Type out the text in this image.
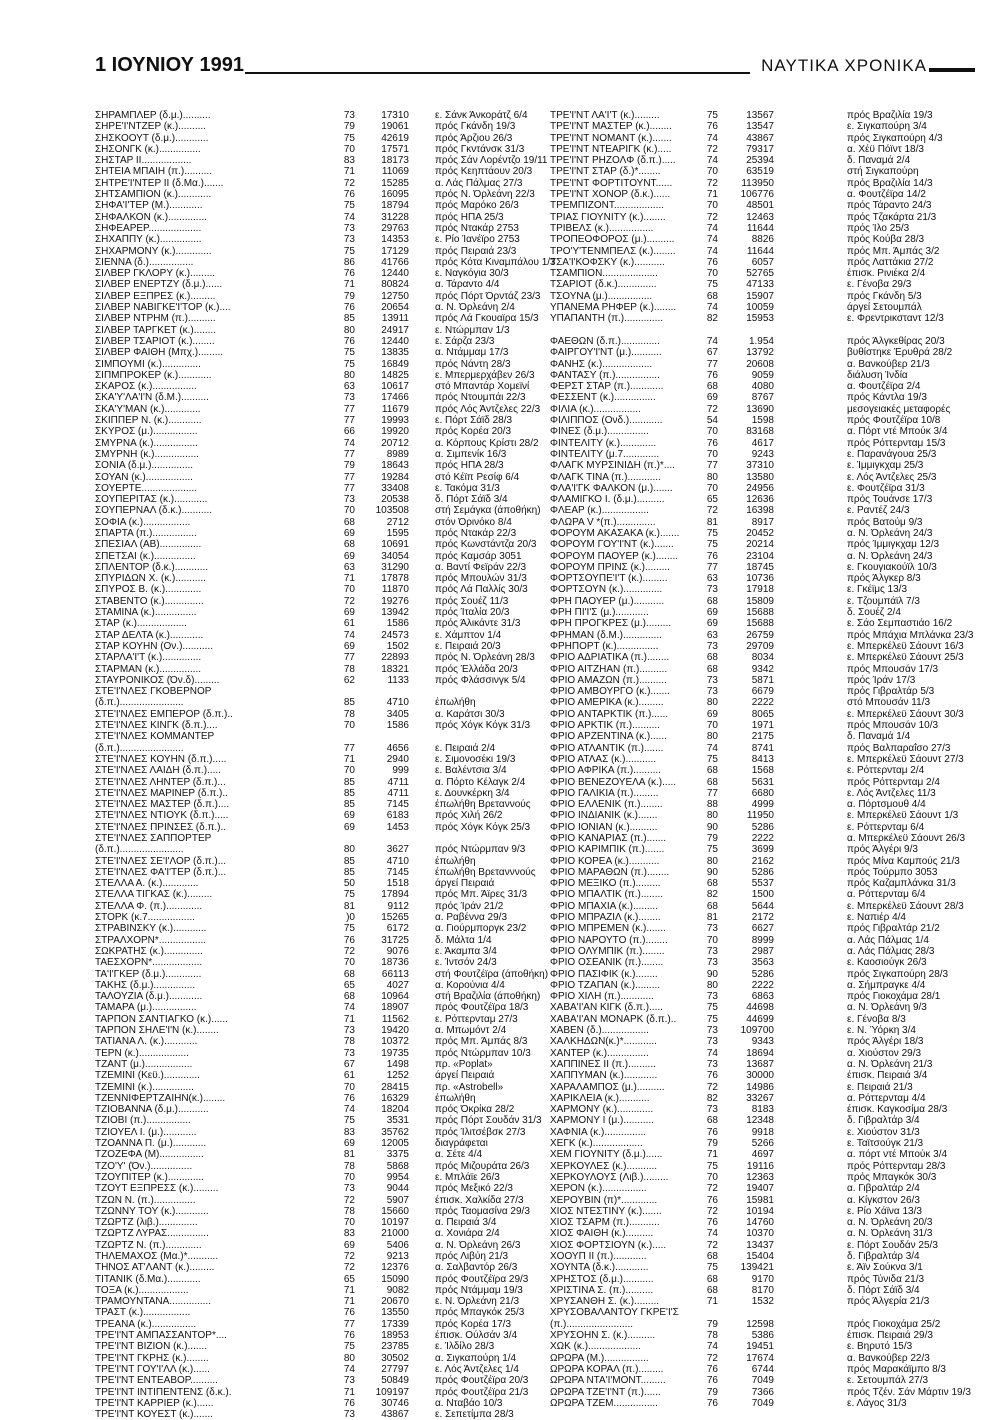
1 ΙΟΥΝΙΟΥ 1991	ΝΑΥΤΙΚΑ ΧΡΟΝΙΚΑ
ΣΗΡΑΜΠΛΕΡ (δ.μ.)..........	73	17310	ε. Σάνκ Άνκοράτζ 6/4
ΣΗΡΕ'Ι'ΝΤΖΕΡ (κ.)..........	79	19061	πρός Γκάνδη 19/3
ΣΗΣΚΟΟΥΤ (δ.μ.)............	75	42619	πρός Άρζιου 26/3
ΣΗΣΟΝΓΚ (κ.)...............	70	17571	πρός Γκντάνσκ 31/3
ΣΗΣΤΑΡ ΙΙ..................	83	18173	πρός Σάν Λορέντζο 19/11
ΣΗΤΕΙΑ ΜΠΑΙΗ (π.)..........	71	11069	πρός Κεηπτάουν 20/3
ΣΗΤΡΕ'Ι'ΝΤΕΡ ΙΙ (δ.Μα.).......	72	15285	α. Λάς Πάλμας 27/3
ΣΗΤΣΑΜΠΙΟΝ (κ.)............	76	16095	πρός Ν. Όρλεάνη 22/3
ΣΗΦΑ'Ι'ΤΕΡ (Μ.)............	75	18794	πρός Μαρόκο 26/3
ΣΗΦΑΛΚΟΝ (κ.)..............	74	31228	πρός ΗΠΑ 25/3
ΣΗΦΕΑΡΕΡ...................	73	29763	πρός Ντακάρ 2753
ΣΗΧΑΠΠΥ (κ.)...............	73	14353	ε. Ρίο Ίανέϊρο 2753
ΣΗΧΑΡΜΟΝΥ (κ.).............	75	17129	πρός Πειραιά 23/3
ΣΙΕΝΝΑ (δ.)................	86	41766	πρός Κότα Κιναμπάλου 1/3
ΣΙΛΒΕΡ ΓΚΛΟΡΥ (κ.).........	76	12440	ε. Ναγκόγια 30/3
ΣΙΛΒΕΡ ΕΝΕΡΤΖΥ (δ.μ.)......	71	80824	α. Τάραντο 4/4
ΣΙΛΒΕΡ ΕΞΠΡΕΣ (κ.).........	79	12750	πρός Πόρτ Όρντάζ 23/3
ΣΙΛΒΕΡ ΝΑΒΙΓΚΕ'Ι'ΤΟΡ (κ.)....	76	20654	α. Ν. Όρλεάνη 2/4
ΣΙΛΒΕΡ ΝΤΡΗΜ (π.)..........	85	13911	πρός Λά Γκουαϊρα 15/3
ΣΙΛΒΕΡ ΤΑΡΓΚΕΤ (κ.)........	80	24917	ε. Ντώρμπαν 1/3
ΣΙΛΒΕΡ ΤΣΑΡΙΟΤ (κ.)........	76	12440	ε. Σάρζα 23/3
ΣΙΛΒΕΡ ΦΑΙΘΗ (Μπχ.).........	75	13835	α. Ντάμμαμ 17/3
ΣΙΜΠΟΥΜΙ (κ.)..............	75	16849	πρός Νάντη 28/3
ΣΙΠΜΠΡΟΚΕΡ (κ.)............	80	14825	ε. Μπερμερχάβεν 26/3
ΣΚΑΡΟΣ (κ.)................	63	10617	στό Μπαντάρ Χομεϊνί
ΣΚΑ'Υ'ΛΑ'Ι'Ν (δ.Μ.)..........	73	17466	πρός Ντουμπάι 22/3
ΣΚΑ'Υ'ΜΑΝ (κ.).............	77	11679	πρός Λός Άντζελες 22/3
ΣΚΙΠΠΕΡ Ν. (κ.)............	77	19993	ε. Πόρτ Σάϊδ 28/3
ΣΚΥΡΟΣ (μ.)................	66	19920	πρός Κορέα 20/3
ΣΜΥΡΝΑ (κ.)................	74	20712	α. Κόρπους Κρίστι 28/2
ΣΜΥΡΝΗ (κ.)................	77	8989	α. Σιμπενίκ 16/3
ΣΟΝΙΑ (δ.μ.)...............	79	18643	πρός ΗΠΑ 28/3
ΣΟΥΑΝ (κ.).................	77	19284	στό Κέϊπ Ρεσίφ 6/4
ΣΟΥΕΡΤΕ....................	77	33408	ε. Τακόμα 31/3
ΣΟΥΠΕΡΙΤΑΣ (κ.)............	73	20538	δ. Πόρτ Σάϊδ 3/4
ΣΟΥΠΕΡΝΑΛ (δ.κ.)...........	70	103508	στή Σεμάγκα (άποθήκη)
ΣΟΦΙΑ (κ.).................	68	2712	στόν Όρινόκο 8/4
ΣΠΑΡΤΑ (π.)................	69	1595	πρός Ντακάρ 22/3
ΣΠΕΣΙΑΛ (ΑΒ)...............	68	10691	πρός Κωνστάντζα 20/3
ΣΠΕΤΣΑΙ (κ.)...............	69	34054	πρός Καμσάρ 3051
ΣΠΛΕΝΤΟΡ (δ.κ.)............	63	31290	α. Βαντί Φεϊράν 22/3
ΣΠΥΡΙΔΩΝ Χ. (κ.)...........	71	17878	πρός Μπουλών 31/3
ΣΠΥΡΟΣ Β. (κ.).............	70	11870	πρός Λά Παλλίς 30/3
ΣΤΑΒΕΝΤΟ (κ.)..............	72	19276	πρός Σουέζ 11/3
ΣΤΑΜΙΝΑ (κ.)...............	69	13942	πρός Ίταλία 20/3
ΣΤΑΡ (κ.)..................	61	1586	πρός Άλικάντε 31/3
ΣΤΑΡ ΔΕΛΤΑ (κ.)............	74	24573	ε. Χάμπτον 1/4
ΣΤΑΡ ΚΟΥΗΝ (Ον.)...........	69	1502	ε. Πειραιά 20/3
ΣΤΑΡΛΑ'Ι'Τ (κ.)..............	77	22893	πρός Ν. Όρλεάνη 28/3
ΣΤΑΡΜΑΝ (κ.)...............	78	18321	πρός Έλλάδα 20/3
ΣΤΑΥΡΟΝΙΚΟΣ (Όν.δ).........	62	1133	πρός Φλάσσινγκ 5/4
ΣΤΕ'Ι'ΝΛΕΣ ΓΚΟΒΕΡΝΟΡ
(δ.π.).......................	85	4710	έπωλήθη
ΣΤΕ'Ι'ΝΛΕΣ ΕΜΠΕΡΟΡ (δ.π.)..	78	3405	α. Καράτσι 30/3
ΣΤΕ'Ι'ΝΛΕΣ ΚΙΝΓΚ (δ.π.)....	70	1586	πρός Χόγκ Κόγκ 31/3
ΣΤΕ'Ι'ΝΛΕΣ ΚΟΜΜΑΝΤΕΡ
(δ.π.).......................	77	4656	ε. Πειραιά 2/4
ΣΤΕ'Ι'ΝΛΕΣ ΚΟΥΗΝ (δ.π.).....	71	2940	ε. Σιμονοσέκι 19/3
ΣΤΕ'Ι'ΝΛΕΣ ΛΑΙΔΗ (δ.π.).....	70	999	ε. Βαλέντσια 3/4
ΣΤΕ'Ι'ΝΛΕΣ ΛΗΝΤΕΡ (δ.π.)...	85	4711	α. Πόρτο Κέλαγκ 2/4
ΣΤΕ'Ι'ΝΛΕΣ ΜΑΡΙΝΕΡ (δ.π.)..	85	4711	ε. Δουνκέρκη 3/4
ΣΤΕ'Ι'ΝΛΕΣ ΜΑΣΤΕΡ (δ.π.)....	85	7145	έπωλήθη Βρεταννούς
ΣΤΕ'Ι'ΝΛΕΣ ΝΤΙΟΥΚ (δ.π.).....	69	6183	πρός Χιλή 26/2
ΣΤΕ'Ι'ΝΛΕΣ ΠΡΙΝΣΕΣ (δ.π.)..	69	1453	πρός Χόγκ Κόγκ 25/3
ΣΤΕ'Ι'ΝΛΕΣ ΣΑΠΠΟΡΤΕΡ
(δ.π.).......................	80	3627	πρός Ντώρμπαν 9/3
ΣΤΕ'Ι'ΝΛΕΣ ΣΕ'Ι'ΛΟΡ (δ.π.)...	85	4710	έπωλήθη
ΣΤΕ'Ι'ΝΛΕΣ ΦΑ'Ι'ΤΕΡ (δ.π.)...	85	7145	έπωλήθη Βρετανννούς
ΣΤΕΛΛΑ Α. (κ.).............	50	1518	άργεί Πειραιά
ΣΤΕΛΛΑ ΤΙΓΚΑΣ (κ.).........	75	17894	πρός Μπ. Άϊρες 31/3
ΣΤΕΛΛΑ Φ. (π.).............	81	9112	πρός Ίράν 21/2
ΣΤΟΡΚ (κ.7.................	)0	15265	α. Ραβέννα 29/3
ΣΤΡΑΒΙΝΣΚΥ (κ.)............	75	6172	α. Γιούρμποργκ 23/2
ΣΤΡΑΛΧΟΡΝ*.................	76	31725	δ. Μάλτα 1/4
ΣΩΚΡΑΤΗΣ (κ.)..............	72	9076	ε. Άκαμπα 3/4
ΤΑΕΣΧΟΡΝ*..................	70	18736	ε. Ίντσόν 24/3
ΤΑ'Ι'ΓΚΕΡ (δ.μ.).............	68	66113	στή Φουτζέϊρα (άποθήκη)
ΤΑΚΗΣ (δ.μ.)...............	65	4027	α. Κορούνια 4/4
ΤΑΛΟΥΖΙΑ (δ.μ.)............	68	10964	στή Βραζιλία (άποθήκη)
ΤΑΜΑΡΑ (μ.)................	74	18907	πρός Φουτζέϊρα 18/3
ΤΑΡΠΟΝ ΣΑΝΤΙΑΓΚΟ (κ.)......	71	11562	ε. Ρόττερνταμ 27/3
ΤΑΡΠΟΝ ΣΗΛΕ'Ι'Ν (κ.)........	73	19420	α. Μπωμόντ 2/4
ΤΑΤΙΑΝΑ Λ. (κ.)............	78	10372	πρός Μπ. Άμπάς 8/3
ΤΕΡΝ (κ.)..................	73	19735	πρός Ντώρμπαν 10/3
ΤΖΑΝΤ (μ.).................	67	1498	πρ. «Poplat»
ΤΖΕΜΙΝΙ (Κεϋ.).............	61	1252	άργεί Πειραιά
ΤΖΕΜΙΝΙ (κ.)...............	70	28415	πρ. «Astrobell»
ΤΖΕΝΝΙΦΕΡΤΖΑΙΗΝ(κ.)........	76	16329	έπωλήθη
ΤΖΙΟΒΑΝΝΑ (δ.μ.)...........	74	18204	πρός Όκρίκα 28/2
ΤΖΙΟΒΙ (π.)................	75	3531	πρός Πόρτ Σουδάν 31/3
ΤΖΙΟΥΕΛ Ι. (μ.)............	83	35762	πρός Ίλιτσέβσκ 27/3
ΤΖΟΑΝΝΑ Π. (μ.)............	69	12005	διαγράφεται
ΤΖΟΖΕΦΑ (Μ)................	81	3375	α. Σέτε 4/4
ΤΖΟ'Υ' (Όν.)...............	78	5868	πρός Μιζουράτα 26/3
ΤΖΟΥΠΙΤΕΡ (κ.).............	70	9954	ε. Μπλάϊε 26/3
ΤΖΟΥΤ ΕΞΠΡΕΣΣ (κ.).........	73	9044	πρός Μεξικό 22/3
ΤΖΩΝ Ν. (π.)...............	72	5907	έπισκ. Χαλκίδα 27/3
ΤΖΩΝΝΥ ΤΟΥ (κ.)............	78	15660	πρός Ταομασίνα 29/3
ΤΖΩΡΤΖ (λιβ.)..............	70	10197	α. Πειραιά 3/4
ΤΖΩΡΤΖ ΛΥΡΑΣ...............	83	21000	α. Χονιάρα 2/4
ΤΖΩΡΤΖ Ν. (π.).............	69	5406	α. Ν. Όρλεάνη 26/3
ΤΗΛΕΜΑΧΟΣ (Μα.)*...........	72	9213	πρός Λιβύη 21/3
ΤΗΝΟΣ ΑΤ'ΛΑΝΤ (κ.).........	72	12376	α. Σαλβαντόρ 26/3
ΤΙΤΑΝΙΚ (δ.Μα.)............	65	15090	πρός Φουτζέϊρα 29/3
ΤΟΞΑ (κ.)..................	71	9082	πρός Ντάμμαμ 19/3
ΤΡΑΜΟΥΝΤΑΝΑ...............	71	20670	ε. Ν. Όρλεάνη 21/3
ΤΡΑΣΤ (κ.).................	76	13550	πρός Μπαγκόκ 25/3
ΤΡΕΑΝΑ (κ.)................	77	17339	πρός Κορέα 17/3
ΤΡΕ'Ι'ΝΤ ΑΜΠΑΣΣΑΝΤΟΡ*....	76	18953	έπισκ. Ούλσάν 3/4
ΤΡΕ'Ι'ΝΤ ΒΙΖΙΟΝ (κ.).......	75	23785	ε. Ίλδίλο 28/3
ΤΡΕ'Ι'ΝΤ ΓΚΡΗΣ (κ.)........	80	30502	α. Σιγκαπούρη 1/4
ΤΡΕ'Ι'ΝΤ ΓΟΥ'Ι'ΛΛ (κ.)......	74	27797	ε. Λός Άντζελες 1/4
ΤΡΕ'Ι'ΝΤ ΕΝΤΕΑΒΟΡ..........	73	50849	πρός Φουτζέϊρα 20/3
ΤΡΕ'Ι'ΝΤ ΙΝΤΙΠΕΝΤΕΝΣ (δ.κ.).	71	109197	πρός Φουτζέϊρα 21/3
ΤΡΕ'Ι'ΝΤ ΚΑΡΡΙΕΡ (κ.)......	76	30746	α. Νταβάο 10/3
ΤΡΕ'Ι'ΝΤ ΚΟΥΕΣΤ (κ.).......	73	43867	ε. Σεπετίμπα 28/3
ΤΡΕ'Ι'ΝΤ ΛΑ'Ι'Τ (κ.).........	75	13567	πρός Βραζιλία 19/3
ΤΡΕ'Ι'ΝΤ ΜΑΣΤΕΡ (κ.)........	76	13547	ε. Σιγκαπούρη 3/4
ΤΡΕ'Ι'ΝΤ ΝΟΜΑΝΤ (κ.).......	74	43867	πρός Σιγκαπούρη 4/3
ΤΡΕ'Ι'ΝΤ ΝΤΕΑΡΙΓΚ (κ.).....	72	79317	α. Χέϋ Πόϊντ 18/3
ΤΡΕ'Ι'ΝΤ ΡΗΖΟΛΦ (δ.π.).....	74	25394	δ. Παναμά 2/4
ΤΡΕ'Ι'ΝΤ ΣΤΑΡ (δ.)*........	70	63519	στή Σιγκαπούρη
ΤΡΕ'Ι'ΝΤ ΦΟΡΤΙΤΟΥΝΤ......	72	113950	πρός Βραζιλία 14/3
ΤΡΕ'Ι'ΝΤ ΧΟΝΟΡ (δ.κ.)......	71	106776	α. Φουτζέϊρα 14/2
ΤΡΕΜΠΙΖΟΝΤ..................	70	48501	πρός Τάραντο 24/3
ΤΡΙΑΣ ΓΙΟΥΝΙΤΥ (κ.)........	72	12463	πρός Τζακάρτα 21/3
ΤΡΙΒΕΛΣ (κ.)................	74	11644	πρός Ίλο 25/3
ΤΡΟΠΕΟΦΟΡΟΣ (μ.)..........	74	8826	πρός Κούβα 28/3
ΤΡΟ'Υ'ΤΕΝΜΠΕΛΣ (κ.)........	74	11644	πρός Μπ. Άμπάς 3/2
ΤΣΑ'Ι'ΚΟΦΣΚΥ (κ.)...........	76	6057	πρός Λαττάκια 27/2
ΤΣΑΜΠΙΟΝ....................	70	52765	έπισκ. Ρινιέκα 2/4
ΤΣΑΡΙΟΤ (δ.κ.)..............	75	47133	ε. Γένοβα 29/3
ΤΣΟΥΝΑ (μ.)................	68	15907	πρός Γκάνδη 5/3
ΥΠΑΝΕΜΑ ΡΗΦΕΡ (κ.)........	74	10059	άργεί Σετουμπάλ
ΥΠΑΠΑΝΤΗ (π.)..............	82	15953	ε. Φρεντρικσταντ 12/3
ΦΑΕΘΩΝ (δ.π.)..............	74	1.954	πρός Άλγκεθίρας 20/3
ΦΑΙΡΓΟΥ'Ι'ΝΤ (μ.)...........	67	13792	βυθίστηκε Έρυθρά 28/2
ΦΑΝΗΣ (κ.)..................	77	20608	α. Βανκούβερ 21/3
ΦΑΝΤΑΣΥ (π.)................	76	9059	διάλυση Ίνδία
ΦΕΡΣΤ ΣΤΑΡ (π.)............	68	4080	α. Φουτζέϊρα 2/4
ΦΕΣΣΕΝΤ (κ.)...............	69	8767	πρός Κάντλα 19/3
ΦΙΛΙΑ (κ.).................	72	13690	μεσογειακές μεταφορές
ΦΙΛΙΠΠΟΣ (Ονδ.)............	54	1598	πρός Φουτζέϊρα 10/8
ΦΙΝΕΣ (δ.μ.)...............	70	83168	α. Πόρτ ντέ Μπούκ 3/4
ΦΙΝΤΕΛΙΤΥ (κ.).............	76	4617	πρός Ρόττερνταμ 15/3
ΦΙΝΤΕΛΙΤΥ (μ.7.............	70	9243	ε. Παρανάγουα 25/3
ΦΛΑΓΚ ΜΥΡΣΙΝΙΔΗ (π.)*....	77	37310	ε. Ίμμιγκχαμ 25/3
ΦΛΑΓΚ ΤΙΝΑ (π.)............	80	13580	ε. Λός Άντζελες 25/3
ΦΛΑ'Ι'ΓΚ ΦΑΛΚΟΝ (μ.).......	70	24956	ε. Φουτζέϊρα 31/3
ΦΛΑΜΙΓΚΟ Ι. (δ.μ.)..........	65	12636	πρός Τουάνσε 17/3
ΦΛΕΑΡ (κ.).................	72	16398	ε. Ραντέζ 24/3
ΦΛΩΡΑ V *(π.)..............	81	8917	πρός Βατούμ 9/3
ΦΟΡΟΥΜ ΑΚΑΣΑΚΑ (κ.).......	75	20452	α. Ν. Όρλεάνη 24/3
ΦΟΡΟΥΜ ΓΟΥ'Ι'ΝΤ (κ.).......	75	20214	πρός Ίμμιγκχαμ 12/3
ΦΟΡΟΥΜ ΠΑΟΥΕΡ (κ.)........	76	23104	α. Ν. Όρλεάνη 24/3
ΦΟΡΟΥΜ ΠΡΙΝΣ (κ.).........	77	18745	ε. Γκουγιακούϊλ 10/3
ΦΟΡΤΣΟΥΠΕ'Ι'Τ (κ.).........	63	10736	πρός Άλγκερ 8/3
ΦΟΡΤΣΟΥΝ (κ.)..............	73	17918	ε. Γκέϊμς 13/3
ΦΡΗ ΠΑΟΥΕΡ (μ.)...........	68	15809	ε. Τζουμπάϊλ 7/3
ΦΡΗ ΠΙ'Ι'Σ (μ.)............	69	15688	δ. Σουέζ 2/4
ΦΡΗ ΠΡΟΓΚΡΕΣ (μ.).........	69	15688	ε. Σάο Σεμπαστιάο 16/2
ΦΡΗΜΑΝ (δ.Μ.)..............	63	26759	πρός Μπάχια Μπλάνκα 23/3
ΦΡΗΠΟΡΤ (κ.)...............	73	29709	ε. Μπερκέλεϋ Σάουντ 16/3
ΦΡΙΟ ΑΔΡΙΑΤΙΚΑ (π.)........	68	8034	ε. Μπερκέλεϋ Σάουντ 25/3
ΦΡΙΟ ΑΙΤΖΗΑΝ (π.)..........	68	9342	πρός Μπουσάν 17/3
ΦΡΙΟ ΑΜΑΖΩΝ (π.)..........	73	5871	πρός Ίράν 17/3
ΦΡΙΟ ΑΜΒΟΥΡΓΟ (κ.).......	73	6679	πρός Γιβραλτάρ 5/3
ΦΡΙΟ ΑΜΕΡΙΚΑ (κ.).........	80	2222	στό Μπουσάν 11/3
ΦΡΙΟ ΑΝΤΑΡΚΤΙΚ (π.)......	69	8065	ε. Μπερκέλεϋ Σάουντ 30/3
ΦΡΙΟ ΑΡΚΤΙΚ (π.)..........	70	1971	πρός Μπουσάν 10/3
ΦΡΙΟ ΑΡΖΕΝΤΙΝΑ (κ.)......	80	2175	δ. Παναμά 1/4
ΦΡΙΟ ΑΤΛΑΝΤΙΚ (π.).......	74	8741	πρός Βαλπαραΐσο 27/3
ΦΡΙΟ ΑΤΛΑΣ (κ.)...........	75	8413	ε. Μπερκέλεϋ Σάουντ 27/3
ΦΡΙΟ ΑΦΡΙΚΑ (π.)..........	68	1568	ε. Ρόττερνταμ 2/4
ΦΡΙΟ ΒΕΝΕΖΟΥΕΛΑ (κ.).....	68	5631	πρός Ρόττερνταμ 2/4
ΦΡΙΟ ΓΑΛΙΚΙΑ (π.).........	77	6680	ε. Λός Άντζελες 11/3
ΦΡΙΟ ΕΛΛΕΝΙΚ (π.)........	88	4999	α. Πόρτσμουθ 4/4
ΦΡΙΟ ΙΝΔΙΑΝΙΚ (κ.).......	80	11950	ε. Μπερκέλεϋ Σάουντ 1/3
ΦΡΙΟ ΙΟΝΙΑΝ (κ.)..........	90	5286	ε. Ρόττερνταμ 6/4
ΦΡΙΟ ΚΑΝΑΡΙΑΣ (π.).......	79	2222	α. Μπερκέλεϋ Σάουντ 26/3
ΦΡΙΟ ΚΑΡΙΜΠΙΚ (π.).......	75	3699	πρός Άλγέρι 9/3
ΦΡΙΟ ΚΟΡΕΑ (κ.)...........	80	2162	πρός Μίνα Καμπούς 21/3
ΦΡΙΟ ΜΑΡΑΘΩΝ (π.)........	90	5286	πρός Τούρμπο 3053
ΦΡΙΟ ΜΕΞΙΚΟ (π.).........	68	5537	πρός Καζαμπλάνκα 31/3
ΦΡΙΟ ΜΠΑΛΤΙΚ (π.)........	82	1500	α. Ρόττερνταμ 6/4
ΦΡΙΟ ΜΠΑΧΙΑ (κ.).........	68	5644	ε. Μπερκέλεϋ Σάουντ 28/3
ΦΡΙΟ ΜΠΡΑΖΙΛ (κ.)........	81	2172	ε. Ναπιέρ 4/4
ΦΡΙΟ ΜΠΡΕΜΕΝ (κ.).......	73	6627	πρός Γιβραλτάρ 21/2
ΦΡΙΟ ΝΑΡΟΥΤΟ (π.)........	70	8999	α. Λάς Πάλμας 1/4
ΦΡΙΟ ΟΛΥΜΠΙΚ (π.)........	73	2987	α. Λάς Πάλμας 28/3
ΦΡΙΟ ΟΣΕΑΝΙΚ (π.)........	73	3563	ε. Καοσιούγκ 26/3
ΦΡΙΟ ΠΑΣΙΦΙΚ (κ.)........	90	5286	πρός Σιγκαπούρη 28/3
ΦΡΙΟ ΤΖΑΠΑΝ (κ.).........	80	2222	α. Σήμπραγκε 4/4
ΦΡΙΟ ΧΙΛΗ (π.)............	73	6863	πρός Γιοκοχάμα 28/1
ΧΑΒΑ'Ι'ΑΝ ΚΙΓΚ (δ.π.).....	75	44698	α. Ν. Όρλεάνη 9/3
ΧΑΒΑ'Ι'ΑΝ ΜΟΝΑΡΚ (δ.π.)..	75	44699	ε. Γένοβα 8/3
ΧΑΒΕΝ (δ.).................	73	109700	ε. Ν. Ύόρκη 3/4
ΧΑΛΚΗΔΩΝ(κ.)*............	73	9343	πρός Άλγέρι 18/3
ΧΑΝΤΕΡ (κ.)...............	74	18694	α. Χιούστον 29/3
ΧΑΠΠΙΝΕΣ ΙΙ (π.)..........	73	13687	α. Ν. Όρλεάνη 21/3
ΧΑΠΠΥΜΑΝ (κ.)............	76	30000	έπισκ. Πειραιά 3/4
ΧΑΡΑΛΑΜΠΟΣ (μ.)..........	72	14986	ε. Πειραιά 21/3
ΧΑΡΙΚΛΕΙΑ (κ.)...........	82	33267	α. Ρόττερνταμ 4/4
ΧΑΡΜΟΝΥ (κ.).............	73	8183	έπισκ. Καγκοσίμα 28/3
ΧΑΡΜΟΝΥ Ι (μ.)...........	68	12348	δ. Γιβραλτάρ 3/4
ΧΑΦΝΙΑ (κ.)...............	76	9918	ε. Χιούστον 31/3
ΧΕΓΚ (κ.)..................	79	5266	ε. Ταϊτσούγκ 21/3
ΧΕΜ ΓΙΟΥΝΙΤΥ (δ.μ.)......	71	4697	α. πόρτ ντέ Μπούκ 3/4
ΧΕΡΚΟΥΛΕΣ (κ.)...........	75	19116	πρός Ρόττερνταμ 28/3
ΧΕΡΚΟΥΛΟΥΣ (Λιβ.).........	70	12363	πρός Μπαγκόκ 30/3
ΧΕΡΟΝ (κ.)................	72	19407	α. Γιβραλτάρ 2/4
ΧΕΡΟΥΒΙΝ (π)*.............	76	15981	α. Κίγκστον 26/3
ΧΙΟΣ ΝΤΕΣΤΙΝΥ (κ.).......	72	10194	ε. Ρίο Χάϊνα 13/3
ΧΙΟΣ ΤΣΑΡΜ (π.)...........	76	14760	α. Ν. Όρλεάνη 20/3
ΧΙΟΣ ΦΑΙΘΗ (κ.)..........	74	10370	α. Ν. Όρλεάνη 31/3
ΧΙΟΣ ΦΟΡΤΣΙΟΥΝ (κ.).....	72	13437	ε. Πόρτ Σουδάν 25/3
ΧΟΟΥΠ ΙΙ (π.)............	68	15404	δ. Γιβραλτάρ 3/4
ΧΟΥΝΤΑ (δ.κ.)............	75	139421	ε. Άϊν Σούκνα 3/1
ΧΡΗΣΤΟΣ (δ.μ.)...........	68	9170	πρός Τύνιδα 21/3
ΧΡΙΣΤΙΝΑ Σ. (π.)..........	68	8170	δ. Πόρτ Σάϊδ 3/4
ΧΡΥΣΑΝΘΗ Σ. (κ.).........	71	1532	πρός Άλγερία 21/3
ΧΡΥΣΟΒΑΛΑΝΤΟΥ ΓΚΡΕ'Ι'Σ
(π.)........................	79	12598	πρός Γιοκοχάμα 25/2
ΧΡΥΣΟΗΝ Σ. (κ.)..........	78	5386	έπισκ. Πειραιά 29/3
ΧΩΚ (κ.)...................	74	19451	ε. Βηρυτό 15/3
ΩΡΩΡΑ (Μ.)................	72	17674	α. Βανκούβερ 22/3
ΩΡΩΡΑ ΚΟΡΑΛ (π.).........	76	6744	πρός Μαρακάϊμπο 8/3
ΩΡΩΡΑ ΝΤΑ'Ι'ΜΟΝΤ.........	76	7049	ε. Σετουμπάλ 27/3
ΩΡΩΡΑ ΤΖΕ'Ι'ΝΤ (π.)......	79	7366	πρός Τζέν. Σάν Μάρτιν 19/3
ΩΡΩΡΑ ΤΖΕΜ................	76	7049	ε. Λάγος 31/3
